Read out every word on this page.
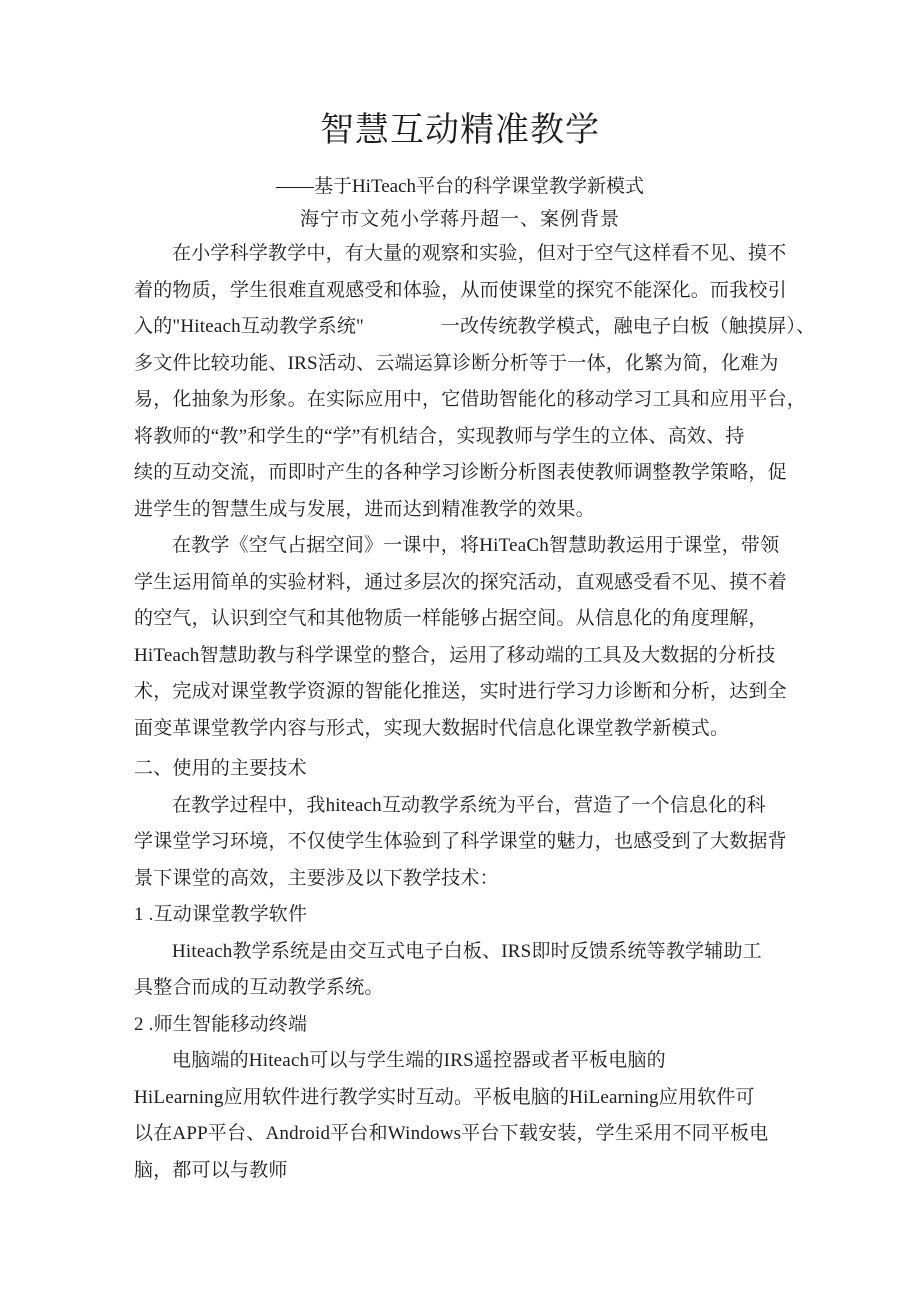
智慧互动精准教学
——基于HiTeach平台的科学课堂教学新模式
海宁市文苑小学蒋丹超一、案例背景
在小学科学教学中，有大量的观察和实验，但对于空气这样看不见、摸不
着的物质，学生很难直观感受和体验，从而使课堂的探究不能深化。而我校引
入的"Hiteach互动教学系统"　　　　一改传统教学模式，融电子白板（触摸屏）、
多文件比较功能、IRS活动、云端运算诊断分析等于一体，化繁为简，化难为
易，化抽象为形象。在实际应用中，它借助智能化的移动学习工具和应用平台，
将教师的“教”和学生的“学”有机结合，实现教师与学生的立体、高效、持
续的互动交流，而即时产生的各种学习诊断分析图表使教师调整教学策略，促
进学生的智慧生成与发展，进而达到精准教学的效果。
在教学《空气占据空间》一课中，将HiTeaCh智慧助教运用于课堂，带领
学生运用简单的实验材料，通过多层次的探究活动，直观感受看不见、摸不着
的空气，认识到空气和其他物质一样能够占据空间。从信息化的角度理解，
HiTeach智慧助教与科学课堂的整合，运用了移动端的工具及大数据的分析技
术，完成对课堂教学资源的智能化推送，实时进行学习力诊断和分析，达到全
面变革课堂教学内容与形式，实现大数据时代信息化课堂教学新模式。
二、使用的主要技术
在教学过程中，我hiteach互动教学系统为平台，营造了一个信息化的科
学课堂学习环境，不仅使学生体验到了科学课堂的魅力，也感受到了大数据背
景下课堂的高效，主要涉及以下教学技术：
1 .互动课堂教学软件
Hiteach教学系统是由交互式电子白板、IRS即时反馈系统等教学辅助工
具整合而成的互动教学系统。
2 .师生智能移动终端
电脑端的Hiteach可以与学生端的IRS遥控器或者平板电脑的
HiLearning应用软件进行教学实时互动。平板电脑的HiLearning应用软件可
以在APP平台、Android平台和Windows平台下载安装，学生采用不同平板电
脑，都可以与教师
